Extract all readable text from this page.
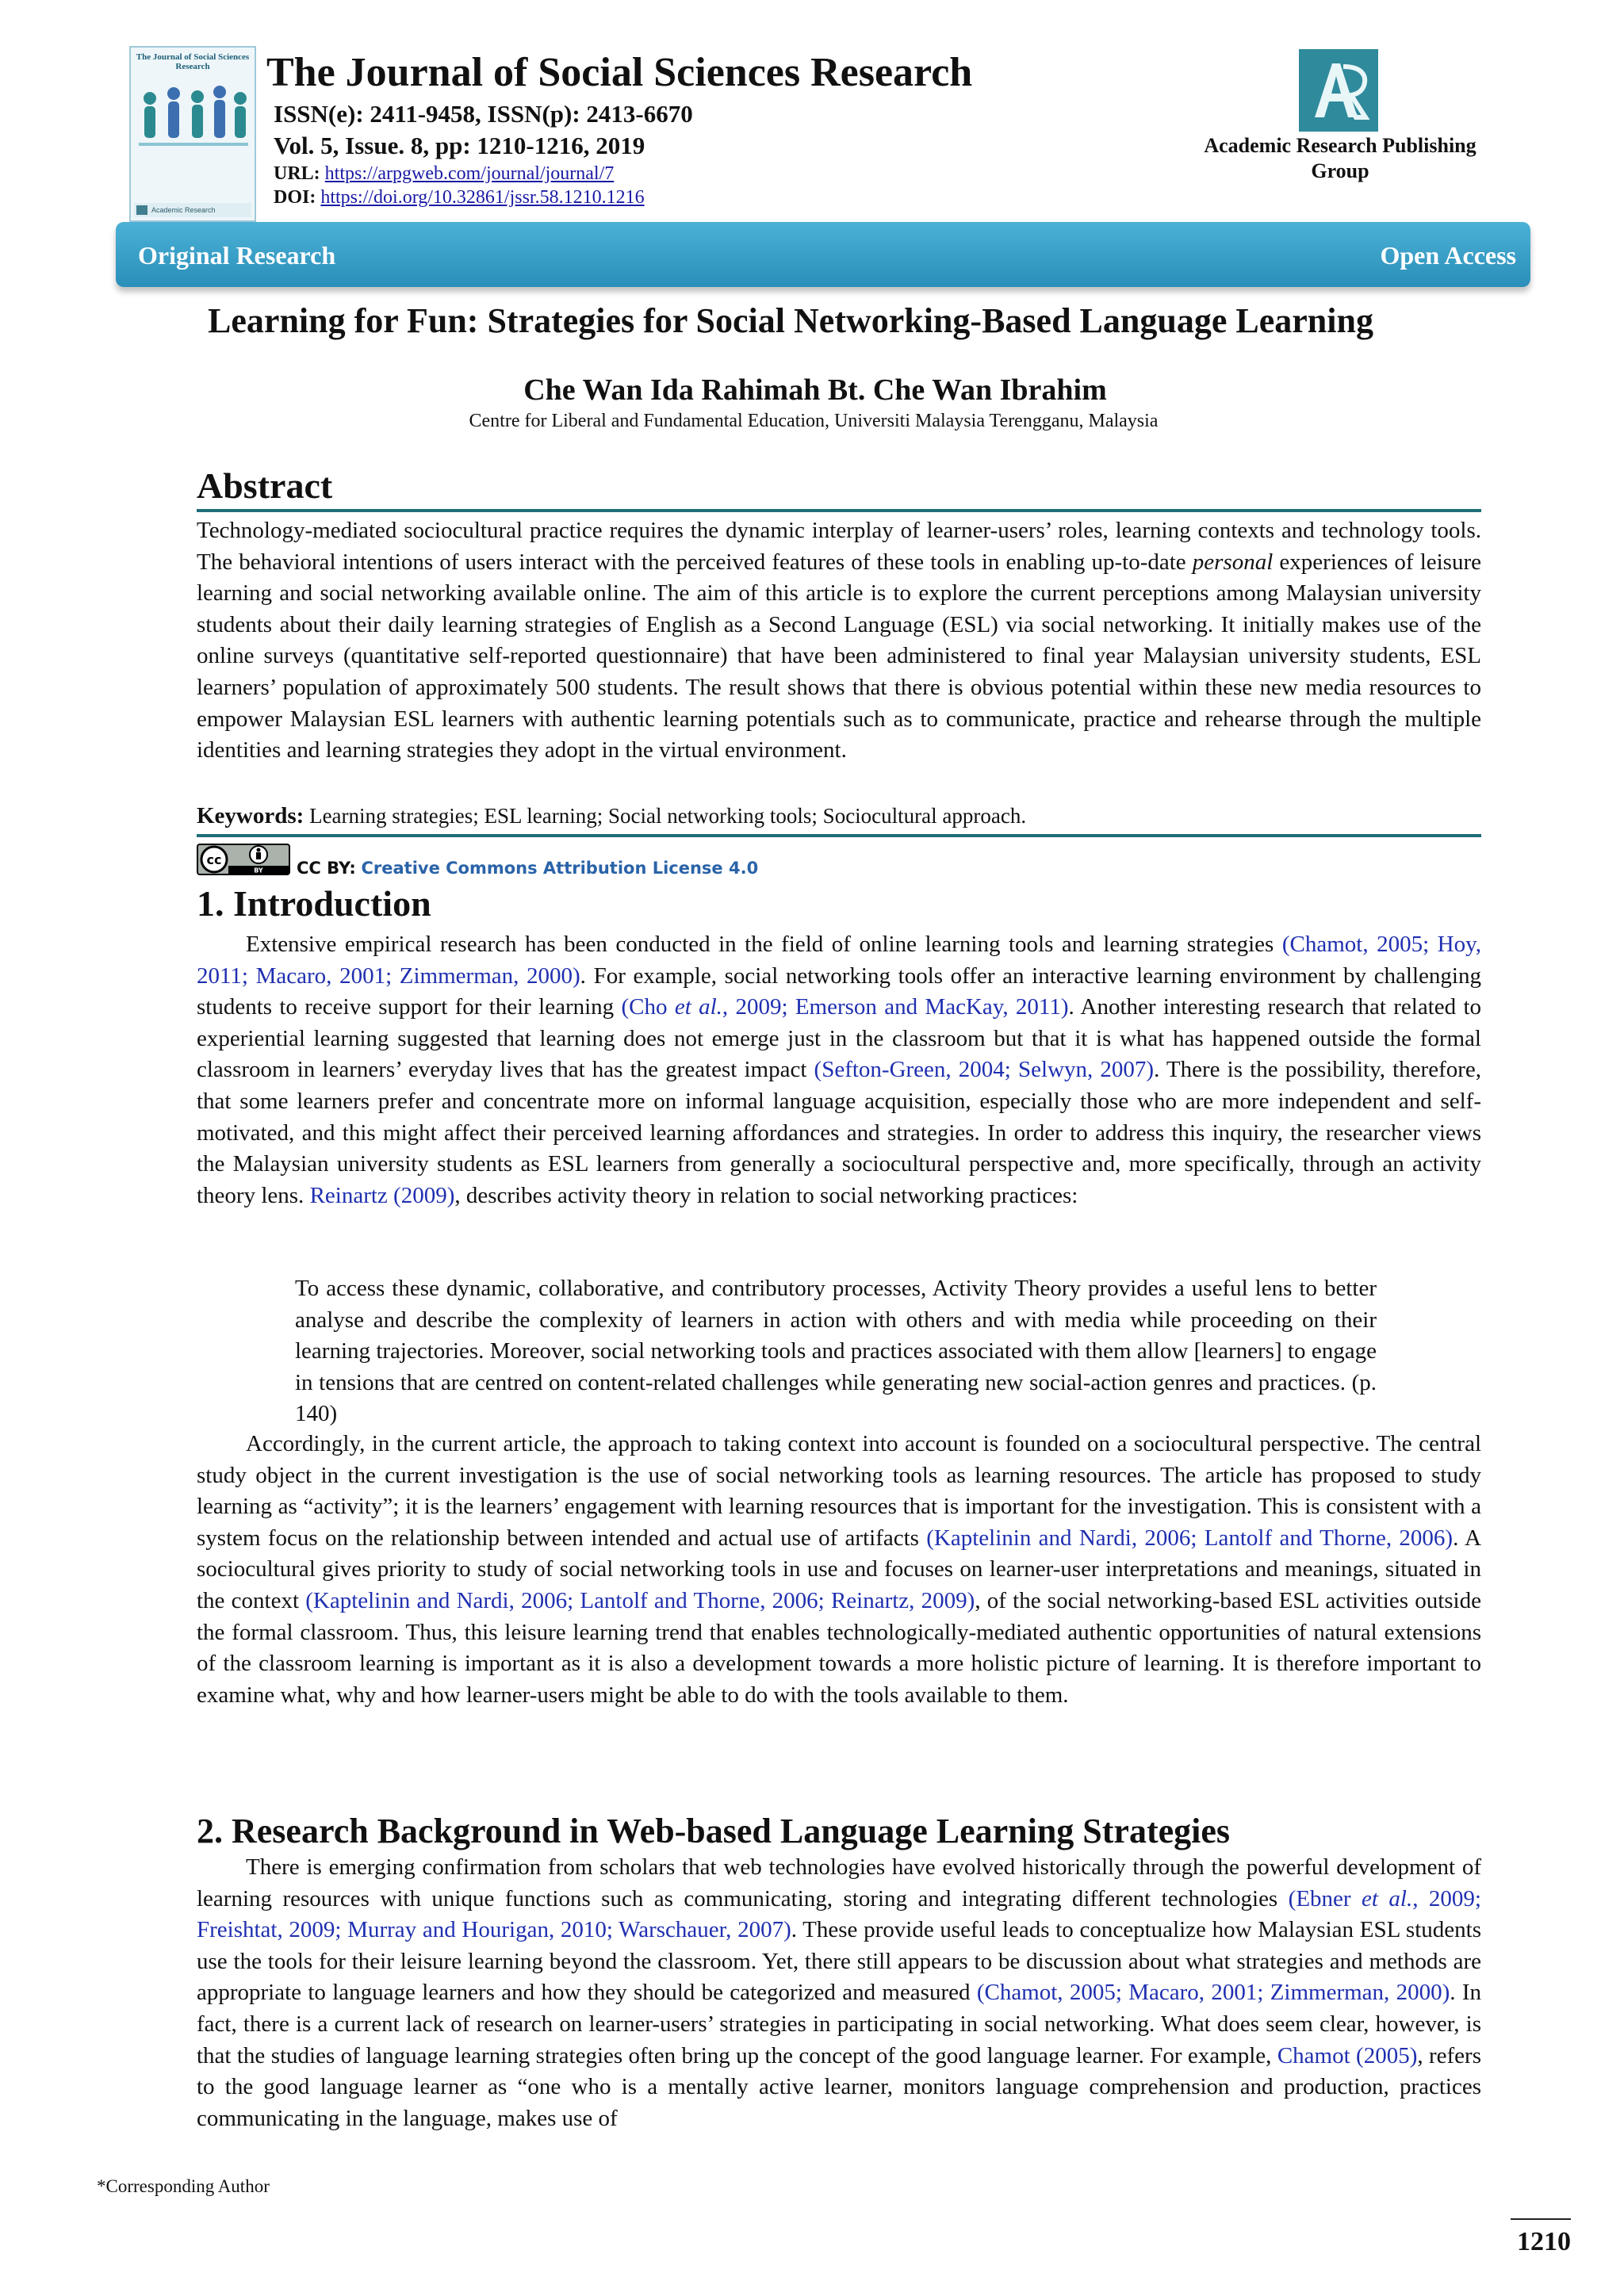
The Journal of Social Sciences Research
Academic Research
The Journal of Social Sciences Research
ISSN(e): 2411-9458, ISSN(p): 2413-6670
Vol. 5, Issue. 8, pp: 1210-1216, 2019
URL: https://arpgweb.com/journal/journal/7
DOI: https://doi.org/10.32861/jssr.58.1210.1216
Academic Research Publishing Group
Original Research	Open Access
Learning for Fun: Strategies for Social Networking-Based Language Learning
Che Wan Ida Rahimah Bt. Che Wan Ibrahim
Centre for Liberal and Fundamental Education, Universiti Malaysia Terengganu, Malaysia
Abstract

Technology-mediated sociocultural practice requires the dynamic interplay of learner-users’ roles, learning contexts and technology tools. The behavioral intentions of users interact with the perceived features of these tools in enabling up-to-date personal experiences of leisure learning and social networking available online. The aim of this article is to explore the current perceptions among Malaysian university students about their daily learning strategies of English as a Second Language (ESL) via social networking. It initially makes use of the online surveys (quantitative self-reported questionnaire) that have been administered to final year Malaysian university students, ESL learners’ population of approximately 500 students. The result shows that there is obvious potential within these new media resources to empower Malaysian ESL learners with authentic learning potentials such as to communicate, practice and rehearse through the multiple identities and learning strategies they adopt in the virtual environment.

Keywords: Learning strategies; ESL learning; Social networking tools; Sociocultural approach.
cc
BY CC BY: Creative Commons Attribution License 4.0
1. Introduction

Extensive empirical research has been conducted in the field of online learning tools and learning strategies (Chamot, 2005; Hoy, 2011; Macaro, 2001; Zimmerman, 2000). For example, social networking tools offer an interactive learning environment by challenging students to receive support for their learning (Cho et al., 2009; Emerson and MacKay, 2011). Another interesting research that related to experiential learning suggested that learning does not emerge just in the classroom but that it is what has happened outside the formal classroom in learners’ everyday lives that has the greatest impact (Sefton-Green, 2004; Selwyn, 2007). There is the possibility, therefore, that some learners prefer and concentrate more on informal language acquisition, especially those who are more independent and self-motivated, and this might affect their perceived learning affordances and strategies. In order to address this inquiry, the researcher views the Malaysian university students as ESL learners from generally a sociocultural perspective and, more specifically, through an activity theory lens. Reinartz (2009), describes activity theory in relation to social networking practices:

To access these dynamic, collaborative, and contributory processes, Activity Theory provides a useful lens to better analyse and describe the complexity of learners in action with others and with media while proceeding on their learning trajectories. Moreover, social networking tools and practices associated with them allow [learners] to engage in tensions that are centred on content-related challenges while generating new social-action genres and practices. (p. 140)

Accordingly, in the current article, the approach to taking context into account is founded on a sociocultural perspective. The central study object in the current investigation is the use of social networking tools as learning resources. The article has proposed to study learning as “activity”; it is the learners’ engagement with learning resources that is important for the investigation. This is consistent with a system focus on the relationship between intended and actual use of artifacts (Kaptelinin and Nardi, 2006; Lantolf and Thorne, 2006). A sociocultural gives priority to study of social networking tools in use and focuses on learner-user interpretations and meanings, situated in the context (Kaptelinin and Nardi, 2006; Lantolf and Thorne, 2006; Reinartz, 2009), of the social networking-based ESL activities outside the formal classroom. Thus, this leisure learning trend that enables technologically-mediated authentic opportunities of natural extensions of the classroom learning is important as it is also a development towards a more holistic picture of learning. It is therefore important to examine what, why and how learner-users might be able to do with the tools available to them.

2. Research Background in Web-based Language Learning Strategies

There is emerging confirmation from scholars that web technologies have evolved historically through the powerful development of learning resources with unique functions such as communicating, storing and integrating different technologies (Ebner et al., 2009; Freishtat, 2009; Murray and Hourigan, 2010; Warschauer, 2007). These provide useful leads to conceptualize how Malaysian ESL students use the tools for their leisure learning beyond the classroom. Yet, there still appears to be discussion about what strategies and methods are appropriate to language learners and how they should be categorized and measured (Chamot, 2005; Macaro, 2001; Zimmerman, 2000). In fact, there is a current lack of research on learner-users’ strategies in participating in social networking. What does seem clear, however, is that the studies of language learning strategies often bring up the concept of the good language learner. For example, Chamot (2005), refers to the good language learner as “one who is a mentally active learner, monitors language comprehension and production, practices communicating in the language, makes use of

*Corresponding Author
1210
